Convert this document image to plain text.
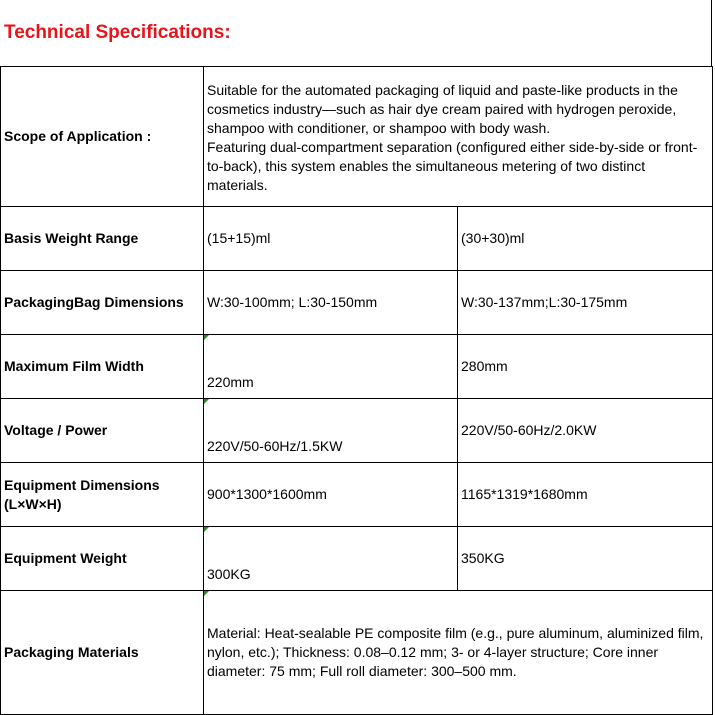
Technical Specifications:
Scope of Application :	Suitable for the automated packaging of liquid and paste-like products in the cosmetics industry—such as hair dye cream paired with hydrogen peroxide, shampoo with conditioner, or shampoo with body wash.
Featuring dual-compartment separation (configured either side-by-side or front-to-back), this system enables the simultaneous metering of two distinct materials.	

Basis Weight Range	(15+15)ml	(30+30)ml
PackagingBag Dimensions	W:30-100mm; L:30-150mm	W:30-137mm;L:30-175mm
Maximum Film Width	220mm	280mm
Voltage / Power	220V/50-60Hz/1.5KW	220V/50-60Hz/2.0KW
Equipment Dimensions (L×W×H)	900*1300*1600mm	1165*1319*1680mm
Equipment Weight	300KG	350KG
Packaging Materials	Material: Heat-sealable PE composite film (e.g., pure aluminum, aluminized film, nylon, etc.); Thickness: 0.08–0.12 mm; 3- or 4-layer structure; Core inner diameter: 75 mm; Full roll diameter: 300–500 mm.	
